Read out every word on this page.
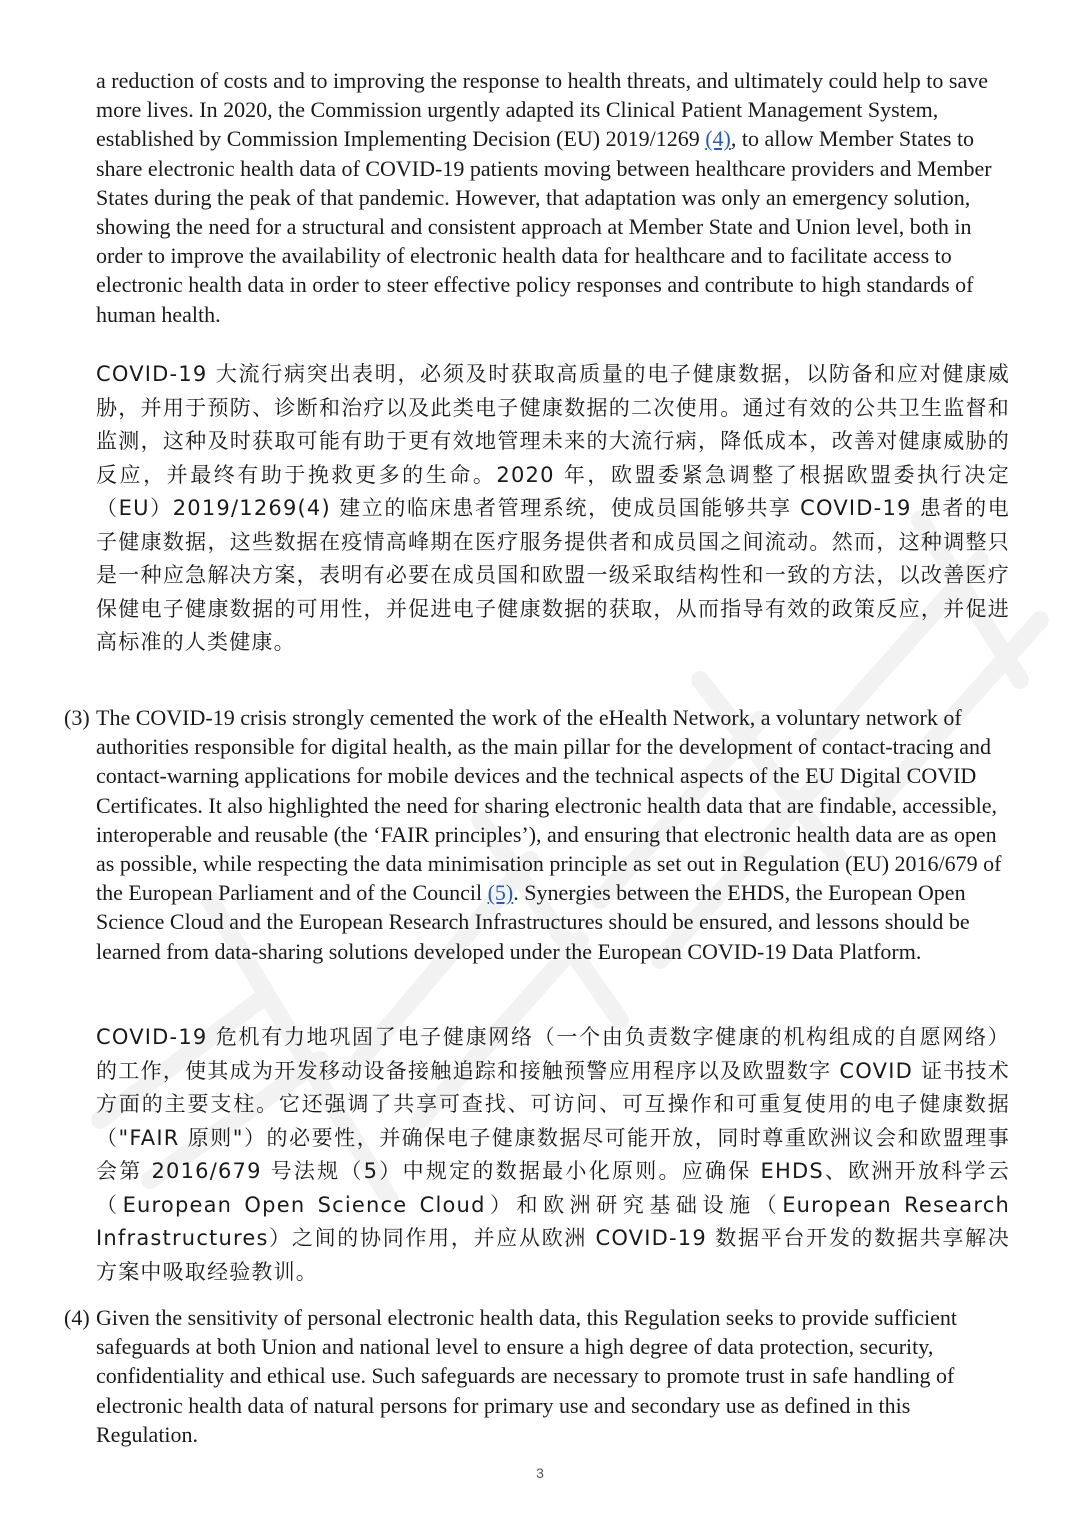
a reduction of costs and to improving the response to health threats, and ultimately could help to save more lives. In 2020, the Commission urgently adapted its Clinical Patient Management System, established by Commission Implementing Decision (EU) 2019/1269 (4), to allow Member States to share electronic health data of COVID-19 patients moving between healthcare providers and Member States during the peak of that pandemic. However, that adaptation was only an emergency solution, showing the need for a structural and consistent approach at Member State and Union level, both in order to improve the availability of electronic health data for healthcare and to facilitate access to electronic health data in order to steer effective policy responses and contribute to high standards of human health.

COVID-19 大流行病突出表明，必须及时获取高质量的电子健康数据，以防备和应对健康威胁，并用于预防、诊断和治疗以及此类电子健康数据的二次使用。通过有效的公共卫生监督和监测，这种及时获取可能有助于更有效地管理未来的大流行病，降低成本，改善对健康威胁的反应，并最终有助于挽救更多的生命。2020 年，欧盟委紧急调整了根据欧盟委执行决定（EU）2019/1269(4) 建立的临床患者管理系统，使成员国能够共享 COVID-19 患者的电子健康数据，这些数据在疫情高峰期在医疗服务提供者和成员国之间流动。然而，这种调整只是一种应急解决方案，表明有必要在成员国和欧盟一级采取结构性和一致的方法，以改善医疗保健电子健康数据的可用性，并促进电子健康数据的获取，从而指导有效的政策反应，并促进高标准的人类健康。

(3) The COVID-19 crisis strongly cemented the work of the eHealth Network, a voluntary network of authorities responsible for digital health, as the main pillar for the development of contact-tracing and contact-warning applications for mobile devices and the technical aspects of the EU Digital COVID Certificates. It also highlighted the need for sharing electronic health data that are findable, accessible, interoperable and reusable (the ‘FAIR principles’), and ensuring that electronic health data are as open as possible, while respecting the data minimisation principle as set out in Regulation (EU) 2016/679 of the European Parliament and of the Council (5). Synergies between the EHDS, the European Open Science Cloud and the European Research Infrastructures should be ensured, and lessons should be learned from data-sharing solutions developed under the European COVID-19 Data Platform.

COVID-19 危机有力地巩固了电子健康网络（一个由负责数字健康的机构组成的自愿网络）的工作，使其成为开发移动设备接触追踪和接触预警应用程序以及欧盟数字 COVID 证书技术方面的主要支柱。它还强调了共享可查找、可访问、可互操作和可重复使用的电子健康数据（"FAIR 原则"）的必要性，并确保电子健康数据尽可能开放，同时尊重欧洲议会和欧盟理事会第 2016/679 号法规（5）中规定的数据最小化原则。应确保 EHDS、欧洲开放科学云（European Open Science Cloud）和欧洲研究基础设施（European Research Infrastructures）之间的协同作用，并应从欧洲 COVID-19 数据平台开发的数据共享解决方案中吸取经验教训。

(4) Given the sensitivity of personal electronic health data, this Regulation seeks to provide sufficient safeguards at both Union and national level to ensure a high degree of data protection, security, confidentiality and ethical use. Such safeguards are necessary to promote trust in safe handling of electronic health data of natural persons for primary use and secondary use as defined in this Regulation.

3
